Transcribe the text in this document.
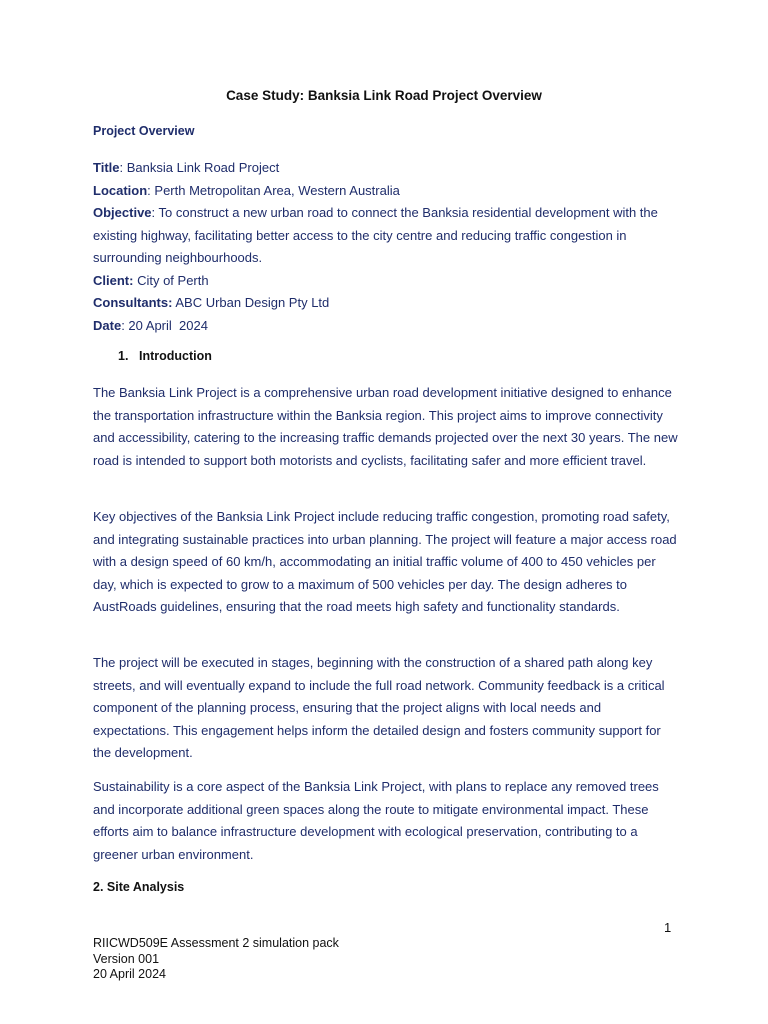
Case Study: Banksia Link Road Project Overview
Project Overview

Title: Banksia Link Road Project

Location: Perth Metropolitan Area, Western Australia

Objective: To construct a new urban road to connect the Banksia residential development with the existing highway, facilitating better access to the city centre and reducing traffic congestion in surrounding neighbourhoods.

Client: City of Perth

Consultants: ABC Urban Design Pty Ltd

Date: 20 April  2024

1. Introduction

The Banksia Link Project is a comprehensive urban road development initiative designed to enhance the transportation infrastructure within the Banksia region. This project aims to improve connectivity and accessibility, catering to the increasing traffic demands projected over the next 30 years. The new road is intended to support both motorists and cyclists, facilitating safer and more efficient travel.

Key objectives of the Banksia Link Project include reducing traffic congestion, promoting road safety, and integrating sustainable practices into urban planning. The project will feature a major access road with a design speed of 60 km/h, accommodating an initial traffic volume of 400 to 450 vehicles per day, which is expected to grow to a maximum of 500 vehicles per day. The design adheres to AustRoads guidelines, ensuring that the road meets high safety and functionality standards.

The project will be executed in stages, beginning with the construction of a shared path along key streets, and will eventually expand to include the full road network. Community feedback is a critical component of the planning process, ensuring that the project aligns with local needs and expectations. This engagement helps inform the detailed design and fosters community support for the development.

Sustainability is a core aspect of the Banksia Link Project, with plans to replace any removed trees and incorporate additional green spaces along the route to mitigate environmental impact. These efforts aim to balance infrastructure development with ecological preservation, contributing to a greener urban environment.

2. Site Analysis
1
RIICWD509E Assessment 2 simulation pack
Version 001
20 April 2024
